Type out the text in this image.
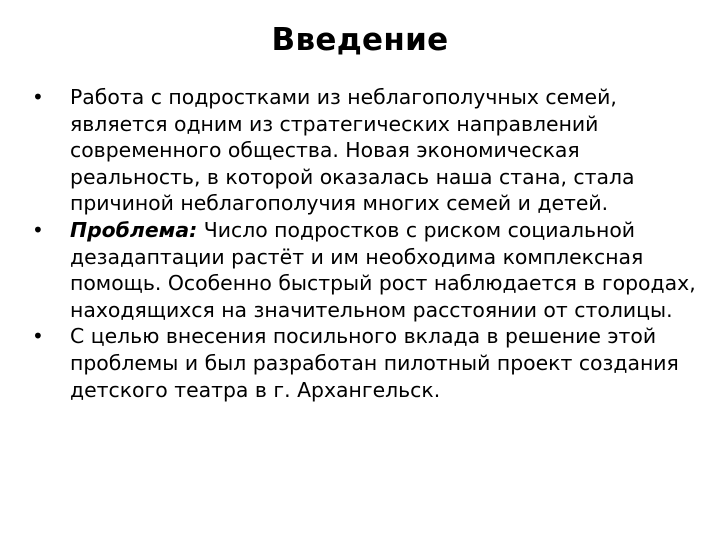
Введение
•	Работа с подростками из неблагополучных семей, является одним из стратегических направлений современного общества. Новая экономическая реальность, в которой оказалась наша стана, стала причиной неблагополучия многих семей и детей.
•	Проблема: Число подростков с риском социальной дезадаптации растёт и им необходима комплексная помощь. Особенно быстрый рост наблюдается в городах, находящихся на значительном расстоянии от столицы.
•	С целью внесения посильного вклада в решение этой проблемы и был разработан пилотный проект создания детского театра в г. Архангельск.
